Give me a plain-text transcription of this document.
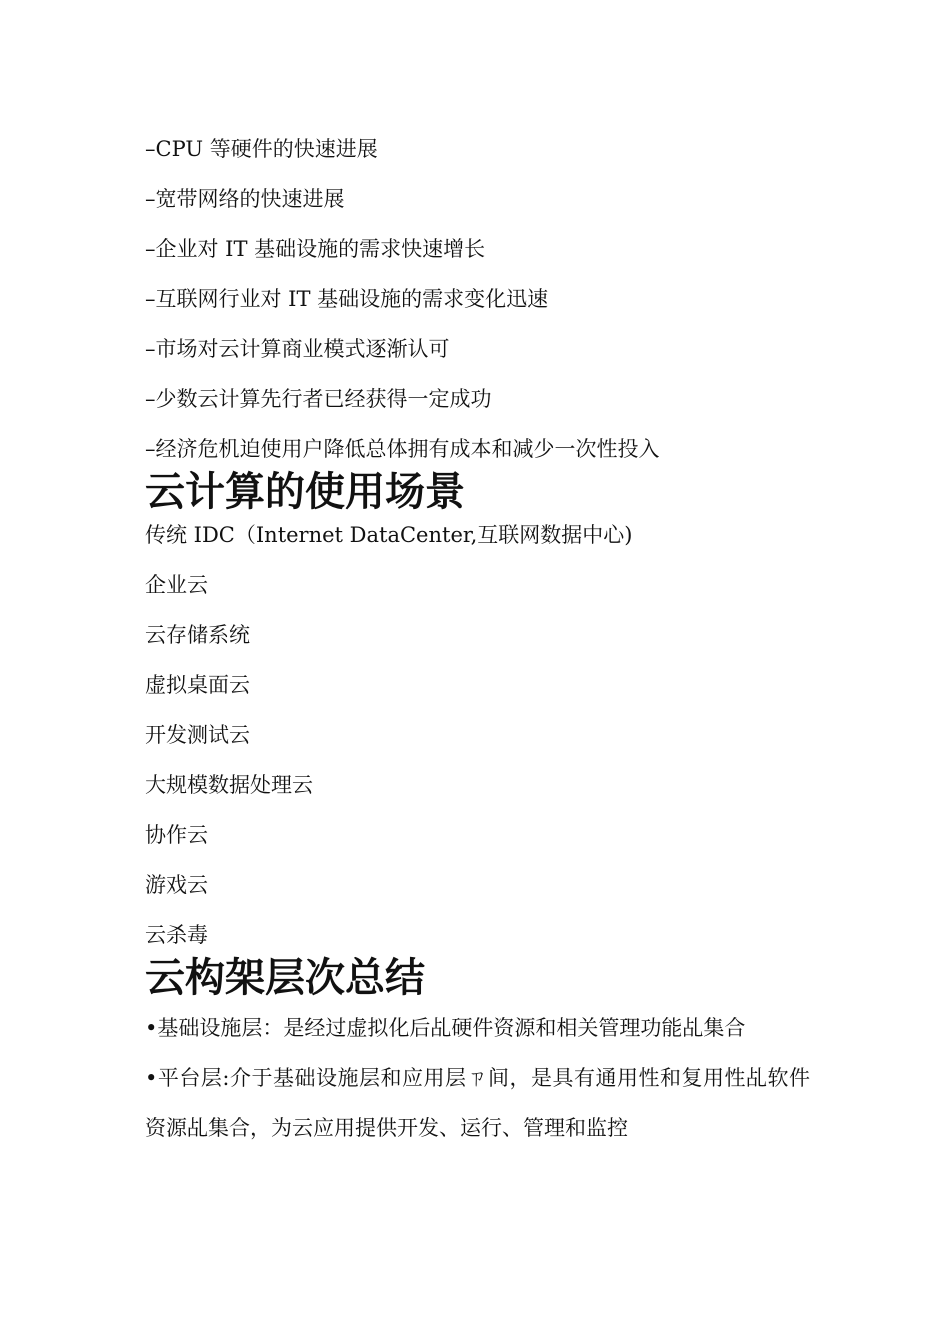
–CPU 等硬件的快速进展
–宽带网络的快速进展
–企业对 IT 基础设施的需求快速增长
–互联网行业对 IT 基础设施的需求变化迅速
–市场对云计算商业模式逐渐认可
–少数云计算先行者已经获得一定成功
–经济危机迫使用户降低总体拥有成本和减少一次性投入
云计算的使用场景
传统 IDC（Internet DataCenter,互联网数据中心)
企业云
云存储系统
虚拟桌面云
开发测试云
大规模数据处理云
协作云
游戏云
云杀毒
云构架层次总结

•基础设施层：是经过虚拟化后乩硬件资源和相关管理功能乩集合

•平台层:介于基础设施层和应用层ㄗ间，是具有通用性和复用性乩软件资源乩集合，为云应用提供开发、运行、管理和监控
